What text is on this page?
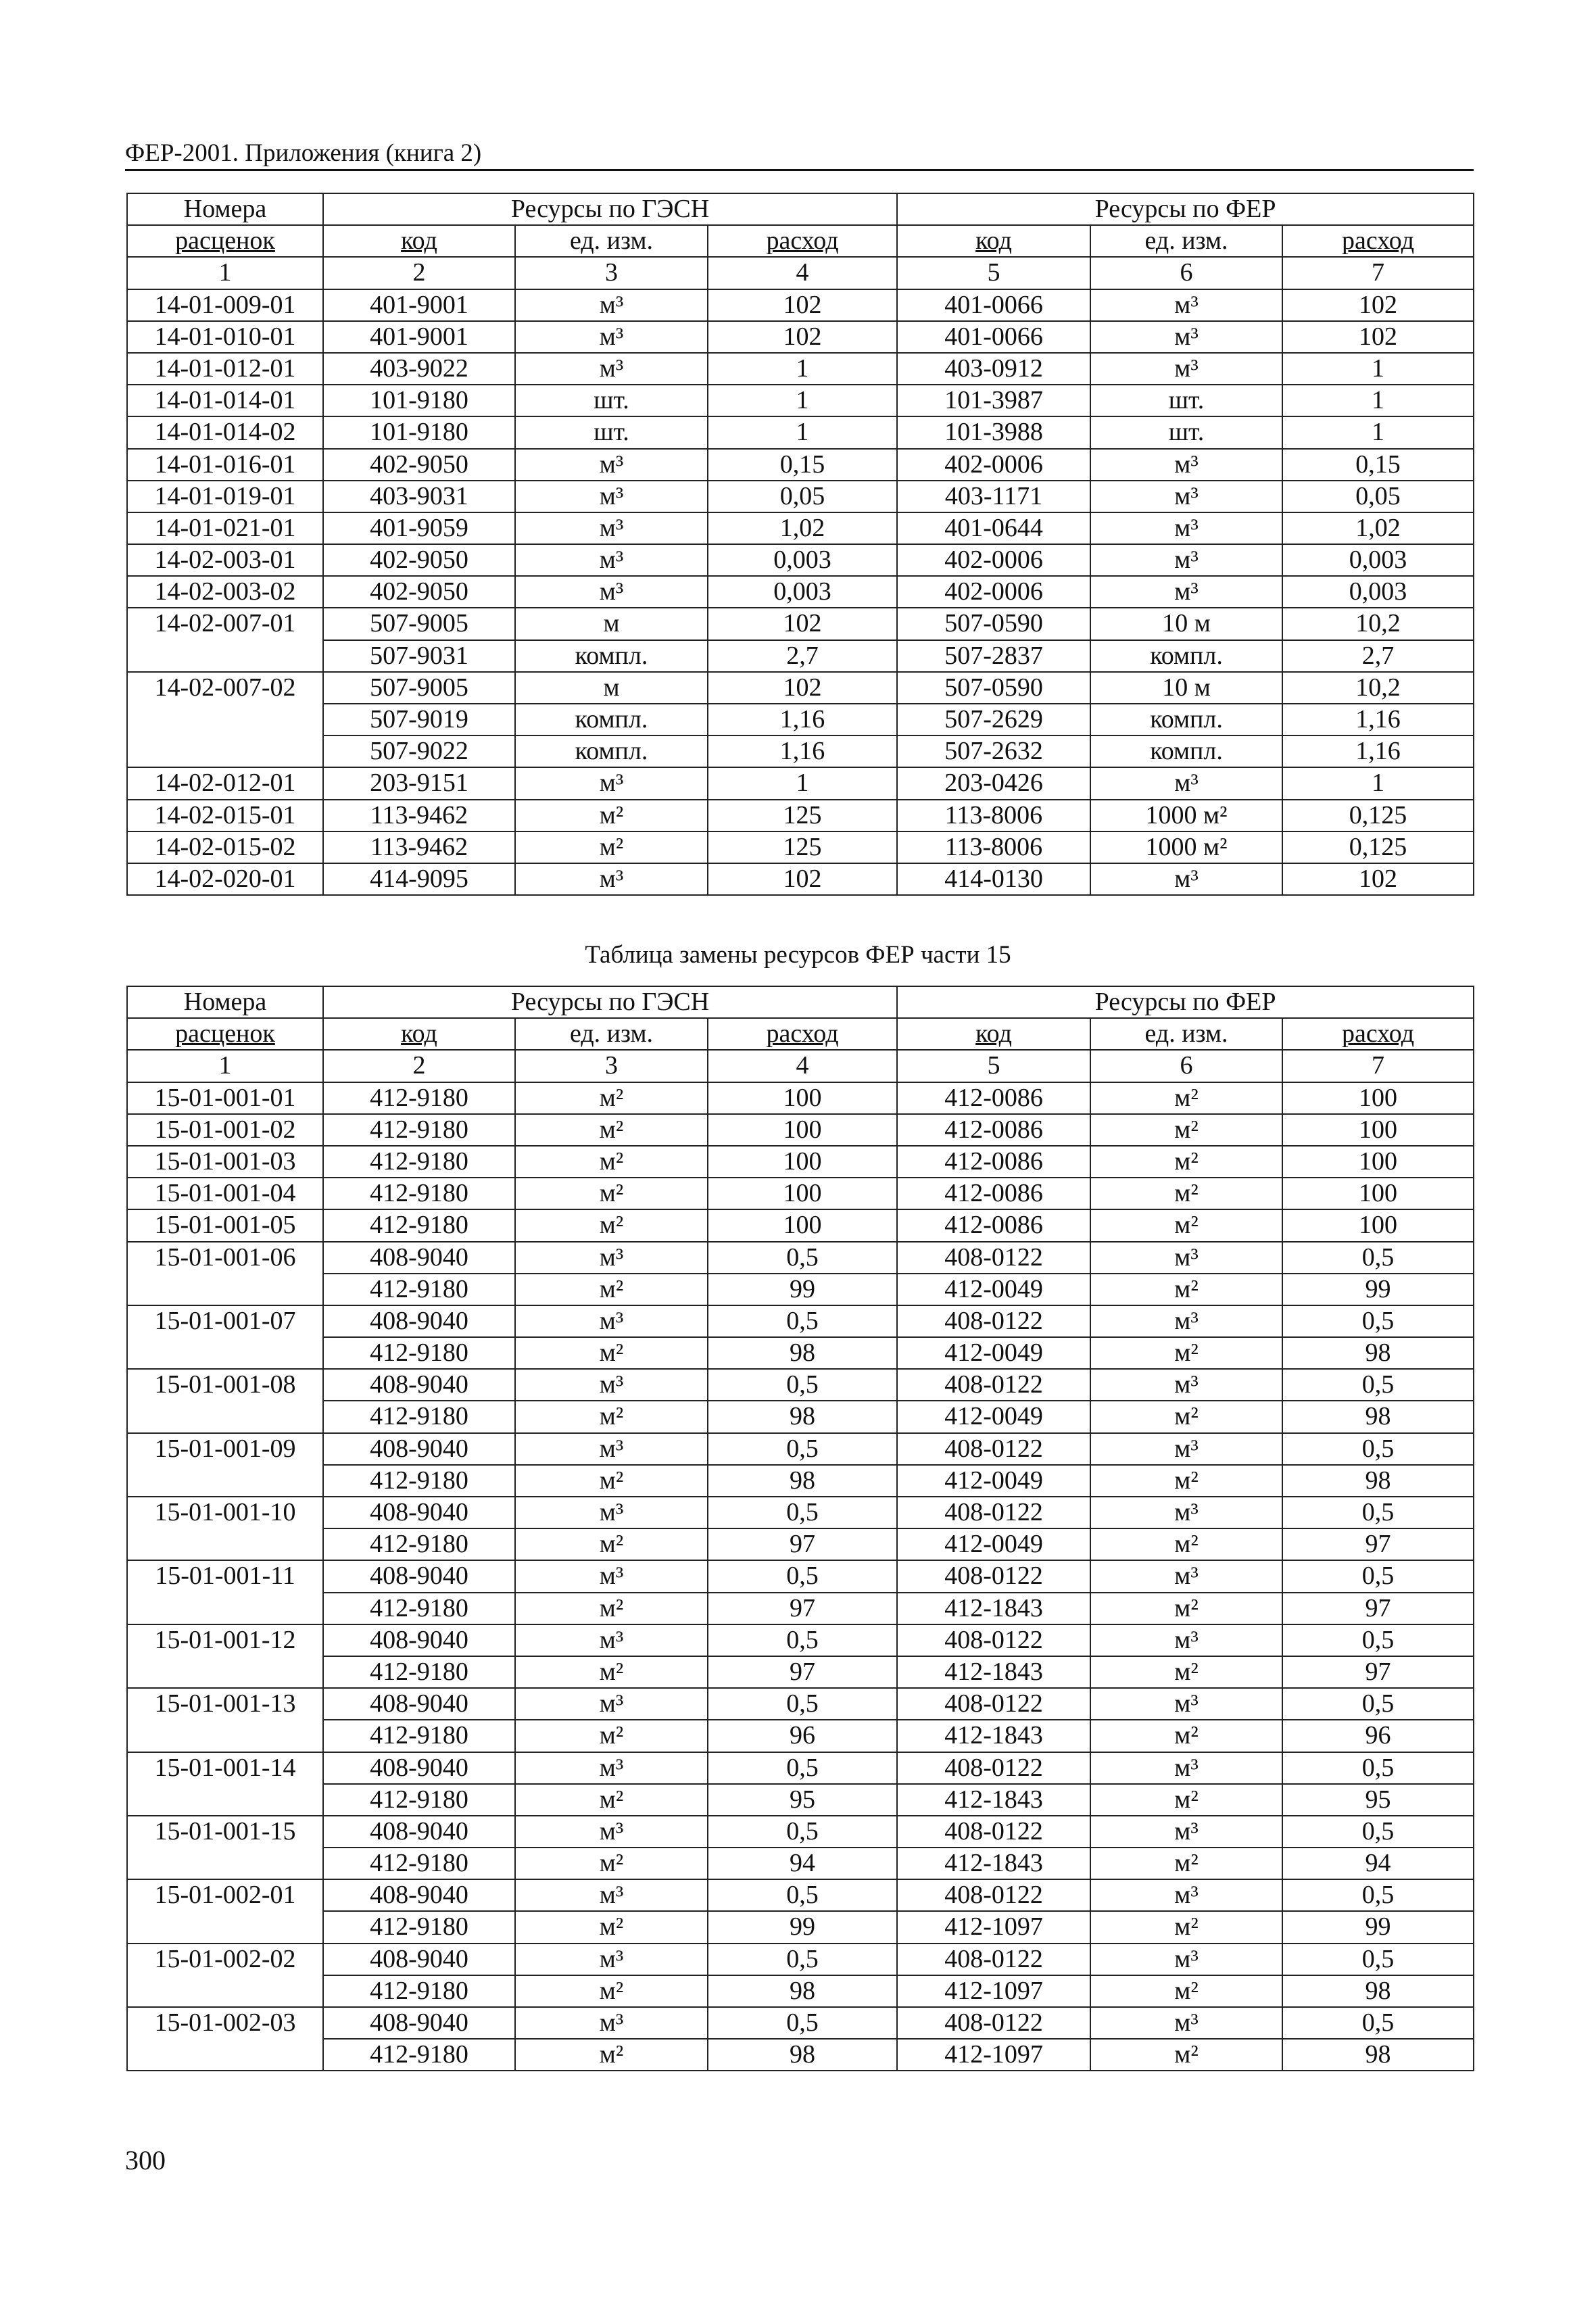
ФЕР-2001. Приложения (книга 2)
Номера	Ресурсы по ГЭСН			Ресурсы по ФЕР		
расценок	код	ед. изм.	расход	код	ед. изм.	расход
1	2	3	4	5	6	7
14-01-009-01	401-9001	м³	102	401-0066	м³	102
14-01-010-01	401-9001	м³	102	401-0066	м³	102
14-01-012-01	403-9022	м³	1	403-0912	м³	1
14-01-014-01	101-9180	шт.	1	101-3987	шт.	1
14-01-014-02	101-9180	шт.	1	101-3988	шт.	1
14-01-016-01	402-9050	м³	0,15	402-0006	м³	0,15
14-01-019-01	403-9031	м³	0,05	403-1171	м³	0,05
14-01-021-01	401-9059	м³	1,02	401-0644	м³	1,02
14-02-003-01	402-9050	м³	0,003	402-0006	м³	0,003
14-02-003-02	402-9050	м³	0,003	402-0006	м³	0,003
14-02-007-01	507-9005	м	102	507-0590	10 м	10,2
	507-9031	компл.	2,7	507-2837	компл.	2,7
14-02-007-02	507-9005	м	102	507-0590	10 м	10,2
	507-9019	компл.	1,16	507-2629	компл.	1,16
	507-9022	компл.	1,16	507-2632	компл.	1,16
14-02-012-01	203-9151	м³	1	203-0426	м³	1
14-02-015-01	113-9462	м²	125	113-8006	1000 м²	0,125
14-02-015-02	113-9462	м²	125	113-8006	1000 м²	0,125
14-02-020-01	414-9095	м³	102	414-0130	м³	102
Таблица замены ресурсов ФЕР части 15
Номера	Ресурсы по ГЭСН			Ресурсы по ФЕР		
расценок	код	ед. изм.	расход	код	ед. изм.	расход
1	2	3	4	5	6	7
15-01-001-01	412-9180	м²	100	412-0086	м²	100
15-01-001-02	412-9180	м²	100	412-0086	м²	100
15-01-001-03	412-9180	м²	100	412-0086	м²	100
15-01-001-04	412-9180	м²	100	412-0086	м²	100
15-01-001-05	412-9180	м²	100	412-0086	м²	100
15-01-001-06	408-9040	м³	0,5	408-0122	м³	0,5
	412-9180	м²	99	412-0049	м²	99
15-01-001-07	408-9040	м³	0,5	408-0122	м³	0,5
	412-9180	м²	98	412-0049	м²	98
15-01-001-08	408-9040	м³	0,5	408-0122	м³	0,5
	412-9180	м²	98	412-0049	м²	98
15-01-001-09	408-9040	м³	0,5	408-0122	м³	0,5
	412-9180	м²	98	412-0049	м²	98
15-01-001-10	408-9040	м³	0,5	408-0122	м³	0,5
	412-9180	м²	97	412-0049	м²	97
15-01-001-11	408-9040	м³	0,5	408-0122	м³	0,5
	412-9180	м²	97	412-1843	м²	97
15-01-001-12	408-9040	м³	0,5	408-0122	м³	0,5
	412-9180	м²	97	412-1843	м²	97
15-01-001-13	408-9040	м³	0,5	408-0122	м³	0,5
	412-9180	м²	96	412-1843	м²	96
15-01-001-14	408-9040	м³	0,5	408-0122	м³	0,5
	412-9180	м²	95	412-1843	м²	95
15-01-001-15	408-9040	м³	0,5	408-0122	м³	0,5
	412-9180	м²	94	412-1843	м²	94
15-01-002-01	408-9040	м³	0,5	408-0122	м³	0,5
	412-9180	м²	99	412-1097	м²	99
15-01-002-02	408-9040	м³	0,5	408-0122	м³	0,5
	412-9180	м²	98	412-1097	м²	98
15-01-002-03	408-9040	м³	0,5	408-0122	м³	0,5
	412-9180	м²	98	412-1097	м²	98
300
